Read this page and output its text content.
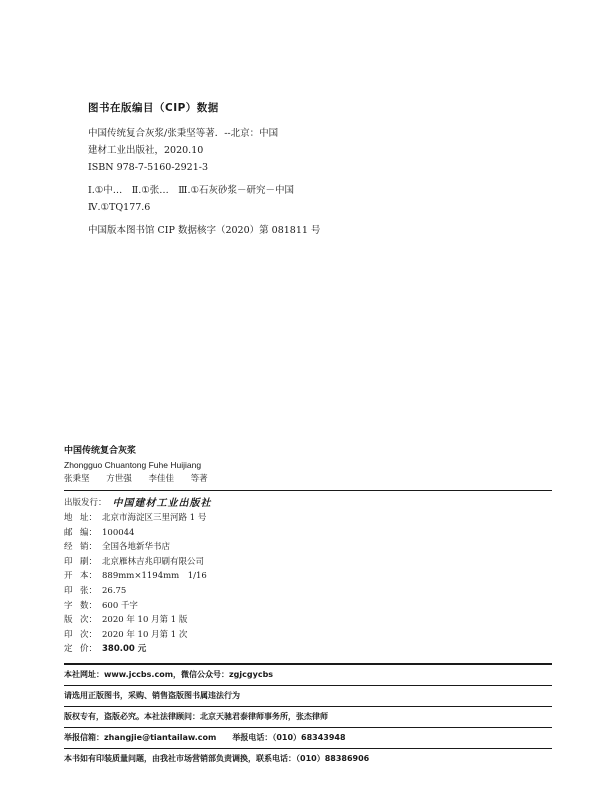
图书在版编目（CIP）数据

中国传统复合灰浆/张秉坚等著．--北京：中国

建材工业出版社，2020.10

ISBN 978-7-5160-2921-3

Ⅰ.①中…　Ⅱ.①张…　Ⅲ.①石灰砂浆－研究－中国

Ⅳ.①TQ177.6

中国版本图书馆 CIP 数据核字（2020）第 081811 号

中国传统复合灰浆

Zhongguo Chuantong Fuhe Huijiang

张秉坚 方世强 李佳佳 等著

出版发行： 中国建材工业出版社
地 址： 北京市海淀区三里河路 1 号
邮 编： 100044
经 销： 全国各地新华书店
印 刷： 北京雁林吉兆印刷有限公司
开 本： 889mm×1194mm　1/16
印 张： 26.75
字 数： 600 千字
版 次： 2020 年 10 月第 1 版
印 次： 2020 年 10 月第 1 次
定 价： 380.00 元

本社网址：www.jccbs.com，微信公众号：zgjcgycbs

请选用正版图书，采购、销售盗版图书属违法行为

版权专有，盗版必究。本社法律顾问：北京天驰君泰律师事务所，张杰律师

举报信箱：zhangjie@tiantailaw.com　　举报电话：（010）68343948

本书如有印装质量问题，由我社市场营销部负责调换，联系电话：（010）88386906
